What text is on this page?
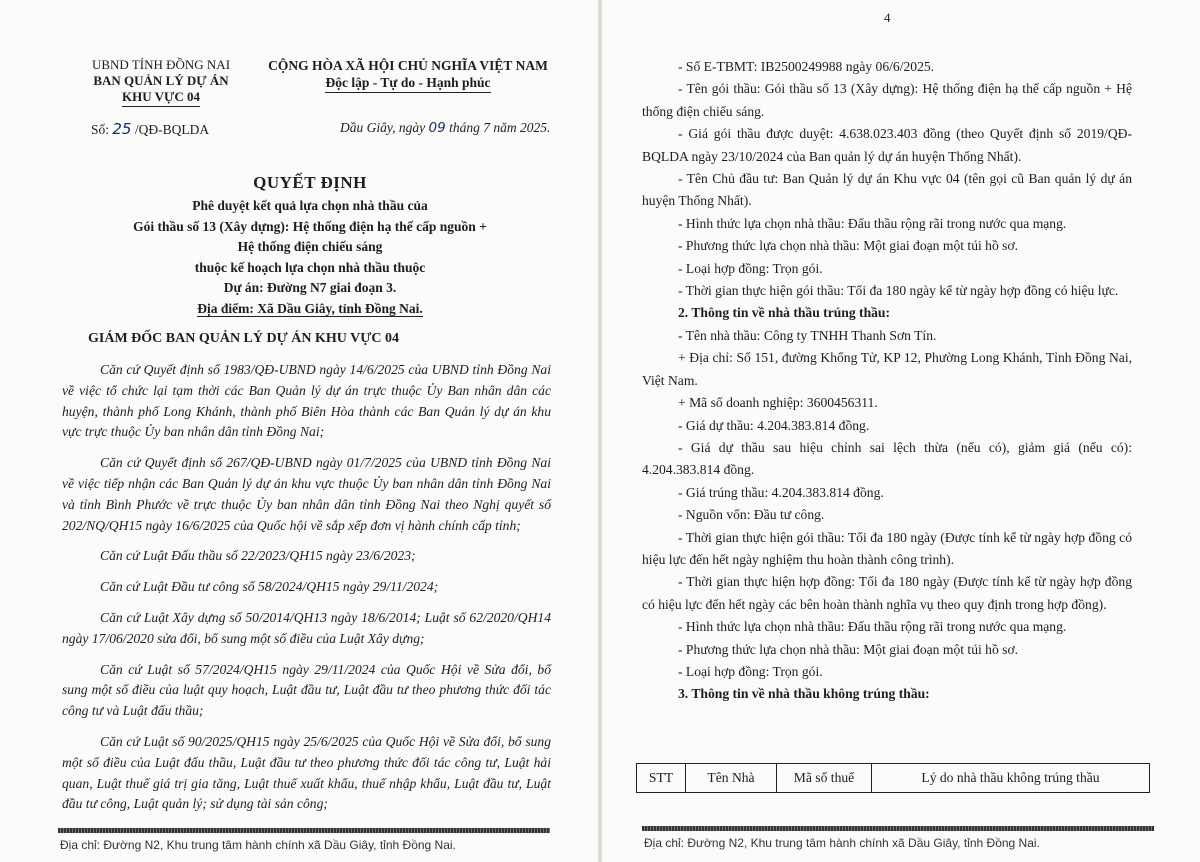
UBND TỈNH ĐỒNG NAI
BAN QUẢN LÝ DỰ ÁN
KHU VỰC 04
CỘNG HÒA XÃ HỘI CHỦ NGHĨA VIỆT NAM
Độc lập - Tự do - Hạnh phúc
Số: 25 /QĐ-BQLDA	Dầu Giây, ngày 09 tháng 7 năm 2025.
QUYẾT ĐỊNH
Phê duyệt kết quả lựa chọn nhà thầu của
Gói thầu số 13 (Xây dựng): Hệ thống điện hạ thế cấp nguồn +
Hệ thống điện chiếu sáng
thuộc kế hoạch lựa chọn nhà thầu thuộc
Dự án: Đường N7 giai đoạn 3.
Địa điểm: Xã Dầu Giây, tỉnh Đồng Nai.
GIÁM ĐỐC BAN QUẢN LÝ DỰ ÁN KHU VỰC 04

Căn cứ Quyết định số 1983/QĐ-UBND ngày 14/6/2025 của UBND tỉnh Đồng Nai về việc tổ chức lại tạm thời các Ban Quản lý dự án trực thuộc Ủy Ban nhân dân các huyện, thành phố Long Khánh, thành phố Biên Hòa thành các Ban Quản lý dự án khu vực trực thuộc Ủy ban nhân dân tỉnh Đồng Nai;

Căn cứ Quyết định số 267/QĐ-UBND ngày 01/7/2025 của UBND tỉnh Đồng Nai về việc tiếp nhận các Ban Quản lý dự án khu vực thuộc Ủy ban nhân dân tỉnh Đồng Nai và tỉnh Bình Phước về trực thuộc Ủy ban nhân dân tỉnh Đồng Nai theo Nghị quyết số 202/NQ/QH15 ngày 16/6/2025 của Quốc hội về sắp xếp đơn vị hành chính cấp tỉnh;

Căn cứ Luật Đấu thầu số 22/2023/QH15 ngày 23/6/2023;

Căn cứ Luật Đầu tư công số 58/2024/QH15 ngày 29/11/2024;

Căn cứ Luật Xây dựng số 50/2014/QH13 ngày 18/6/2014; Luật số 62/2020/QH14 ngày 17/06/2020 sửa đổi, bổ sung một số điều của Luật Xây dựng;

Căn cứ Luật số 57/2024/QH15 ngày 29/11/2024 của Quốc Hội về Sửa đổi, bổ sung một số điều của luật quy hoạch, Luật đầu tư, Luật đầu tư theo phương thức đối tác công tư và Luật đấu thầu;

Căn cứ Luật số 90/2025/QH15 ngày 25/6/2025 của Quốc Hội về Sửa đổi, bổ sung một số điều của Luật đấu thầu, Luật đầu tư theo phương thức đối tác công tư, Luật hải quan, Luật thuế giá trị gia tăng, Luật thuế xuất khẩu, thuế nhập khẩu, Luật đầu tư, Luật đầu tư công, Luật quản lý; sử dụng tài sản công;

Địa chỉ: Đường N2, Khu trung tâm hành chính xã Dầu Giây, tỉnh Đồng Nai.
4

- Số E-TBMT: IB2500249988 ngày 06/6/2025.

- Tên gói thầu: Gói thầu số 13 (Xây dựng): Hệ thống điện hạ thế cấp nguồn + Hệ thống điện chiếu sáng.

- Giá gói thầu được duyệt: 4.638.023.403 đồng (theo Quyết định số 2019/QĐ-BQLDA ngày 23/10/2024 của Ban quản lý dự án huyện Thống Nhất).

- Tên Chủ đầu tư: Ban Quản lý dự án Khu vực 04 (tên gọi cũ Ban quản lý dự án huyện Thống Nhất).

- Hình thức lựa chọn nhà thầu: Đấu thầu rộng rãi trong nước qua mạng.

- Phương thức lựa chọn nhà thầu: Một giai đoạn một túi hồ sơ.

- Loại hợp đồng: Trọn gói.

- Thời gian thực hiện gói thầu: Tối đa 180 ngày kể từ ngày hợp đồng có hiệu lực.

2. Thông tin về nhà thầu trúng thầu:

- Tên nhà thầu: Công ty TNHH Thanh Sơn Tín.

+ Địa chỉ: Số 151, đường Khổng Tử, KP 12, Phường Long Khánh, Tỉnh Đồng Nai, Việt Nam.

+ Mã số doanh nghiệp: 3600456311.

- Giá dự thầu: 4.204.383.814 đồng.

- Giá dự thầu sau hiệu chỉnh sai lệch thừa (nếu có), giảm giá (nếu có): 4.204.383.814 đồng.

- Giá trúng thầu: 4.204.383.814 đồng.

- Nguồn vốn: Đầu tư công.

- Thời gian thực hiện gói thầu: Tối đa 180 ngày (Được tính kể từ ngày hợp đồng có hiệu lực đến hết ngày nghiệm thu hoàn thành công trình).

- Thời gian thực hiện hợp đồng: Tối đa 180 ngày (Được tính kể từ ngày hợp đồng có hiệu lực đến hết ngày các bên hoàn thành nghĩa vụ theo quy định trong hợp đồng).

- Hình thức lựa chọn nhà thầu: Đấu thầu rộng rãi trong nước qua mạng.

- Phương thức lựa chọn nhà thầu: Một giai đoạn một túi hồ sơ.

- Loại hợp đồng: Trọn gói.

3. Thông tin về nhà thầu không trúng thầu:

STT	Tên Nhà	Mã số thuế	Lý do nhà thầu không trúng thầu
Địa chỉ: Đường N2, Khu trung tâm hành chính xã Dầu Giây, tỉnh Đồng Nai.
